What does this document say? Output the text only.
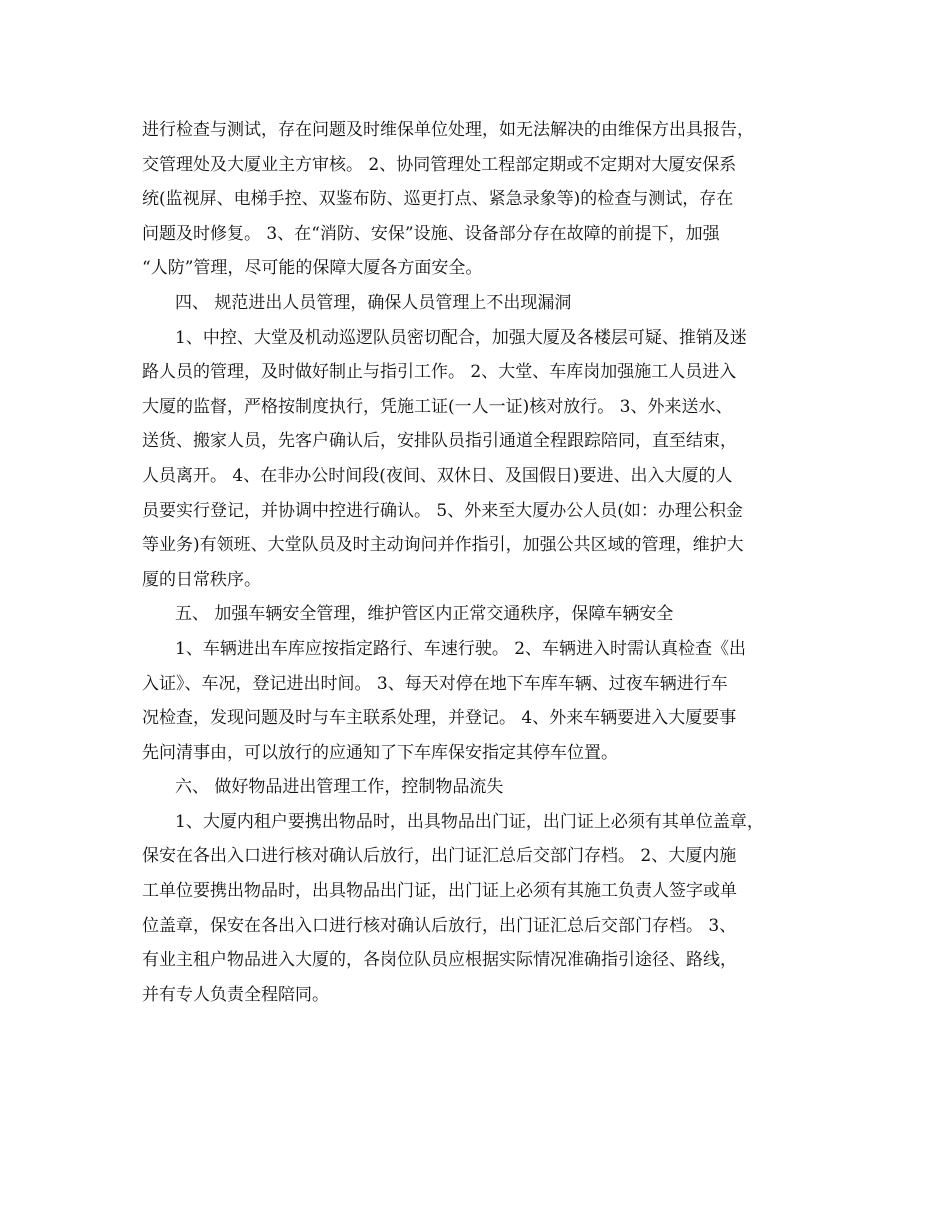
进行检查与测试，存在问题及时维保单位处理，如无法解决的由维保方出具报告，

交管理处及大厦业主方审核。 2、协同管理处工程部定期或不定期对大厦安保系

统(监视屏、电梯手控、双鉴布防、巡更打点、紧急录象等)的检查与测试，存在

问题及时修复。 3、在“消防、安保”设施、设备部分存在故障的前提下，加强

“人防”管理，尽可能的保障大厦各方面安全。

四、 规范进出人员管理，确保人员管理上不出现漏洞

1、中控、大堂及机动巡逻队员密切配合，加强大厦及各楼层可疑、推销及迷

路人员的管理，及时做好制止与指引工作。 2、大堂、车库岗加强施工人员进入

大厦的监督，严格按制度执行，凭施工证(一人一证)核对放行。 3、外来送水、

送货、搬家人员，先客户确认后，安排队员指引通道全程跟踪陪同，直至结束，

人员离开。 4、在非办公时间段(夜间、双休日、及国假日)要进、出入大厦的人

员要实行登记，并协调中控进行确认。 5、外来至大厦办公人员(如：办理公积金

等业务)有领班、大堂队员及时主动询问并作指引，加强公共区域的管理，维护大

厦的日常秩序。

五、 加强车辆安全管理，维护管区内正常交通秩序，保障车辆安全

1、车辆进出车库应按指定路行、车速行驶。 2、车辆进入时需认真检查《出

入证》、车况，登记进出时间。 3、每天对停在地下车库车辆、过夜车辆进行车

况检查，发现问题及时与车主联系处理，并登记。 4、外来车辆要进入大厦要事

先问清事由，可以放行的应通知了下车库保安指定其停车位置。

六、 做好物品进出管理工作，控制物品流失

1、大厦内租户要携出物品时，出具物品出门证，出门证上必须有其单位盖章，

保安在各出入口进行核对确认后放行，出门证汇总后交部门存档。 2、大厦内施

工单位要携出物品时，出具物品出门证，出门证上必须有其施工负责人签字或单

位盖章，保安在各出入口进行核对确认后放行，出门证汇总后交部门存档。 3、

有业主租户物品进入大厦的，各岗位队员应根据实际情况准确指引途径、路线，

并有专人负责全程陪同。
